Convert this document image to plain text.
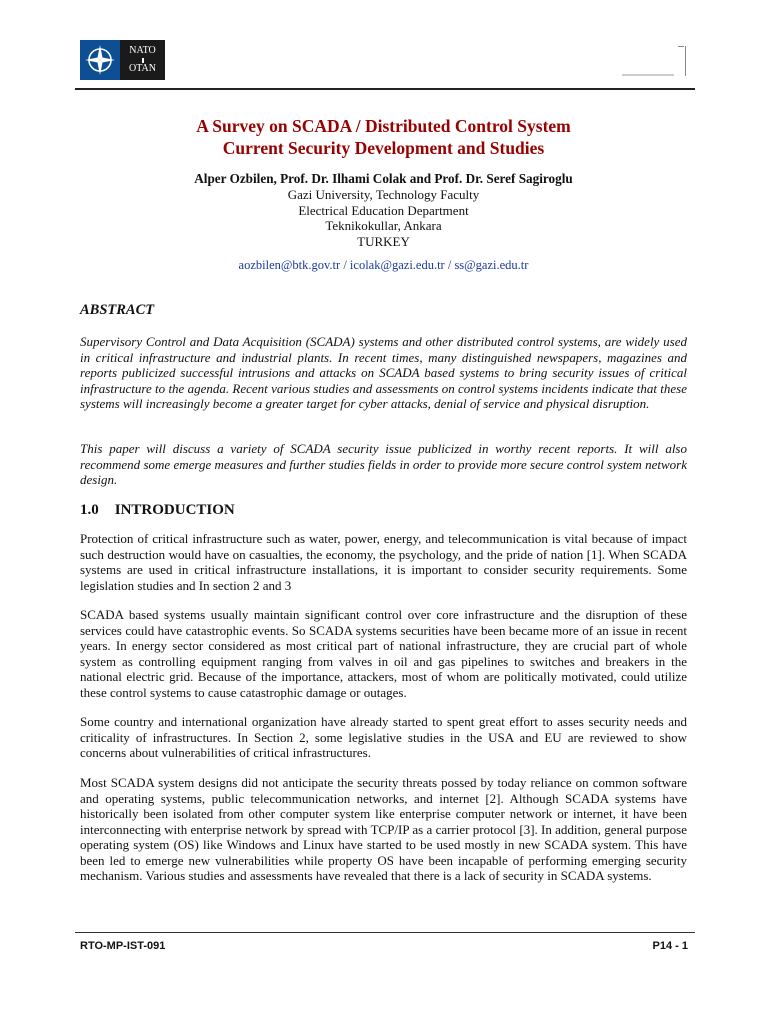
NATO
OTAN
A Survey on SCADA / Distributed Control System
Current Security Development and Studies
Alper Ozbilen, Prof. Dr. Ilhami Colak and Prof. Dr. Seref Sagiroglu
Gazi University, Technology Faculty
Electrical Education Department
Teknikokullar, Ankara
TURKEY
aozbilen@btk.gov.tr / icolak@gazi.edu.tr / ss@gazi.edu.tr
ABSTRACT
Supervisory Control and Data Acquisition (SCADA) systems and other distributed control systems, are widely used in critical infrastructure and industrial plants. In recent times, many distinguished newspapers, magazines and reports publicized successful intrusions and attacks on SCADA based systems to bring security issues of critical infrastructure to the agenda. Recent various studies and assessments on control systems incidents indicate that these systems will increasingly become a greater target for cyber attacks, denial of service and physical disruption.
This paper will discuss a variety of SCADA security issue publicized in worthy recent reports. It will also recommend some emerge measures and further studies fields in order to provide more secure control system network design.
1.0 INTRODUCTION
Protection of critical infrastructure such as water, power, energy, and telecommunication is vital because of impact such destruction would have on casualties, the economy, the psychology, and the pride of nation [1]. When SCADA systems are used in critical infrastructure installations, it is important to consider security requirements. Some legislation studies and In section 2 and 3
SCADA based systems usually maintain significant control over core infrastructure and the disruption of these services could have catastrophic events. So SCADA systems securities have been became more of an issue in recent years. In energy sector considered as most critical part of national infrastructure, they are crucial part of whole system as controlling equipment ranging from valves in oil and gas pipelines to switches and breakers in the national electric grid. Because of the importance, attackers, most of whom are politically motivated, could utilize these control systems to cause catastrophic damage or outages.
Some country and international organization have already started to spent great effort to asses security needs and criticality of infrastructures. In Section 2, some legislative studies in the USA and EU are reviewed to show concerns about vulnerabilities of critical infrastructures.
Most SCADA system designs did not anticipate the security threats possed by today reliance on common software and operating systems, public telecommunication networks, and internet [2]. Although SCADA systems have historically been isolated from other computer system like enterprise computer network or internet, it have been interconnecting with enterprise network by spread with TCP/IP as a carrier protocol [3]. In addition, general purpose operating system (OS) like Windows and Linux have started to be used mostly in new SCADA system. This have been led to emerge new vulnerabilities while property OS have been incapable of performing emerging security mechanism. Various studies and assessments have revealed that there is a lack of security in SCADA systems.
RTO-MP-IST-091	P14 - 1
